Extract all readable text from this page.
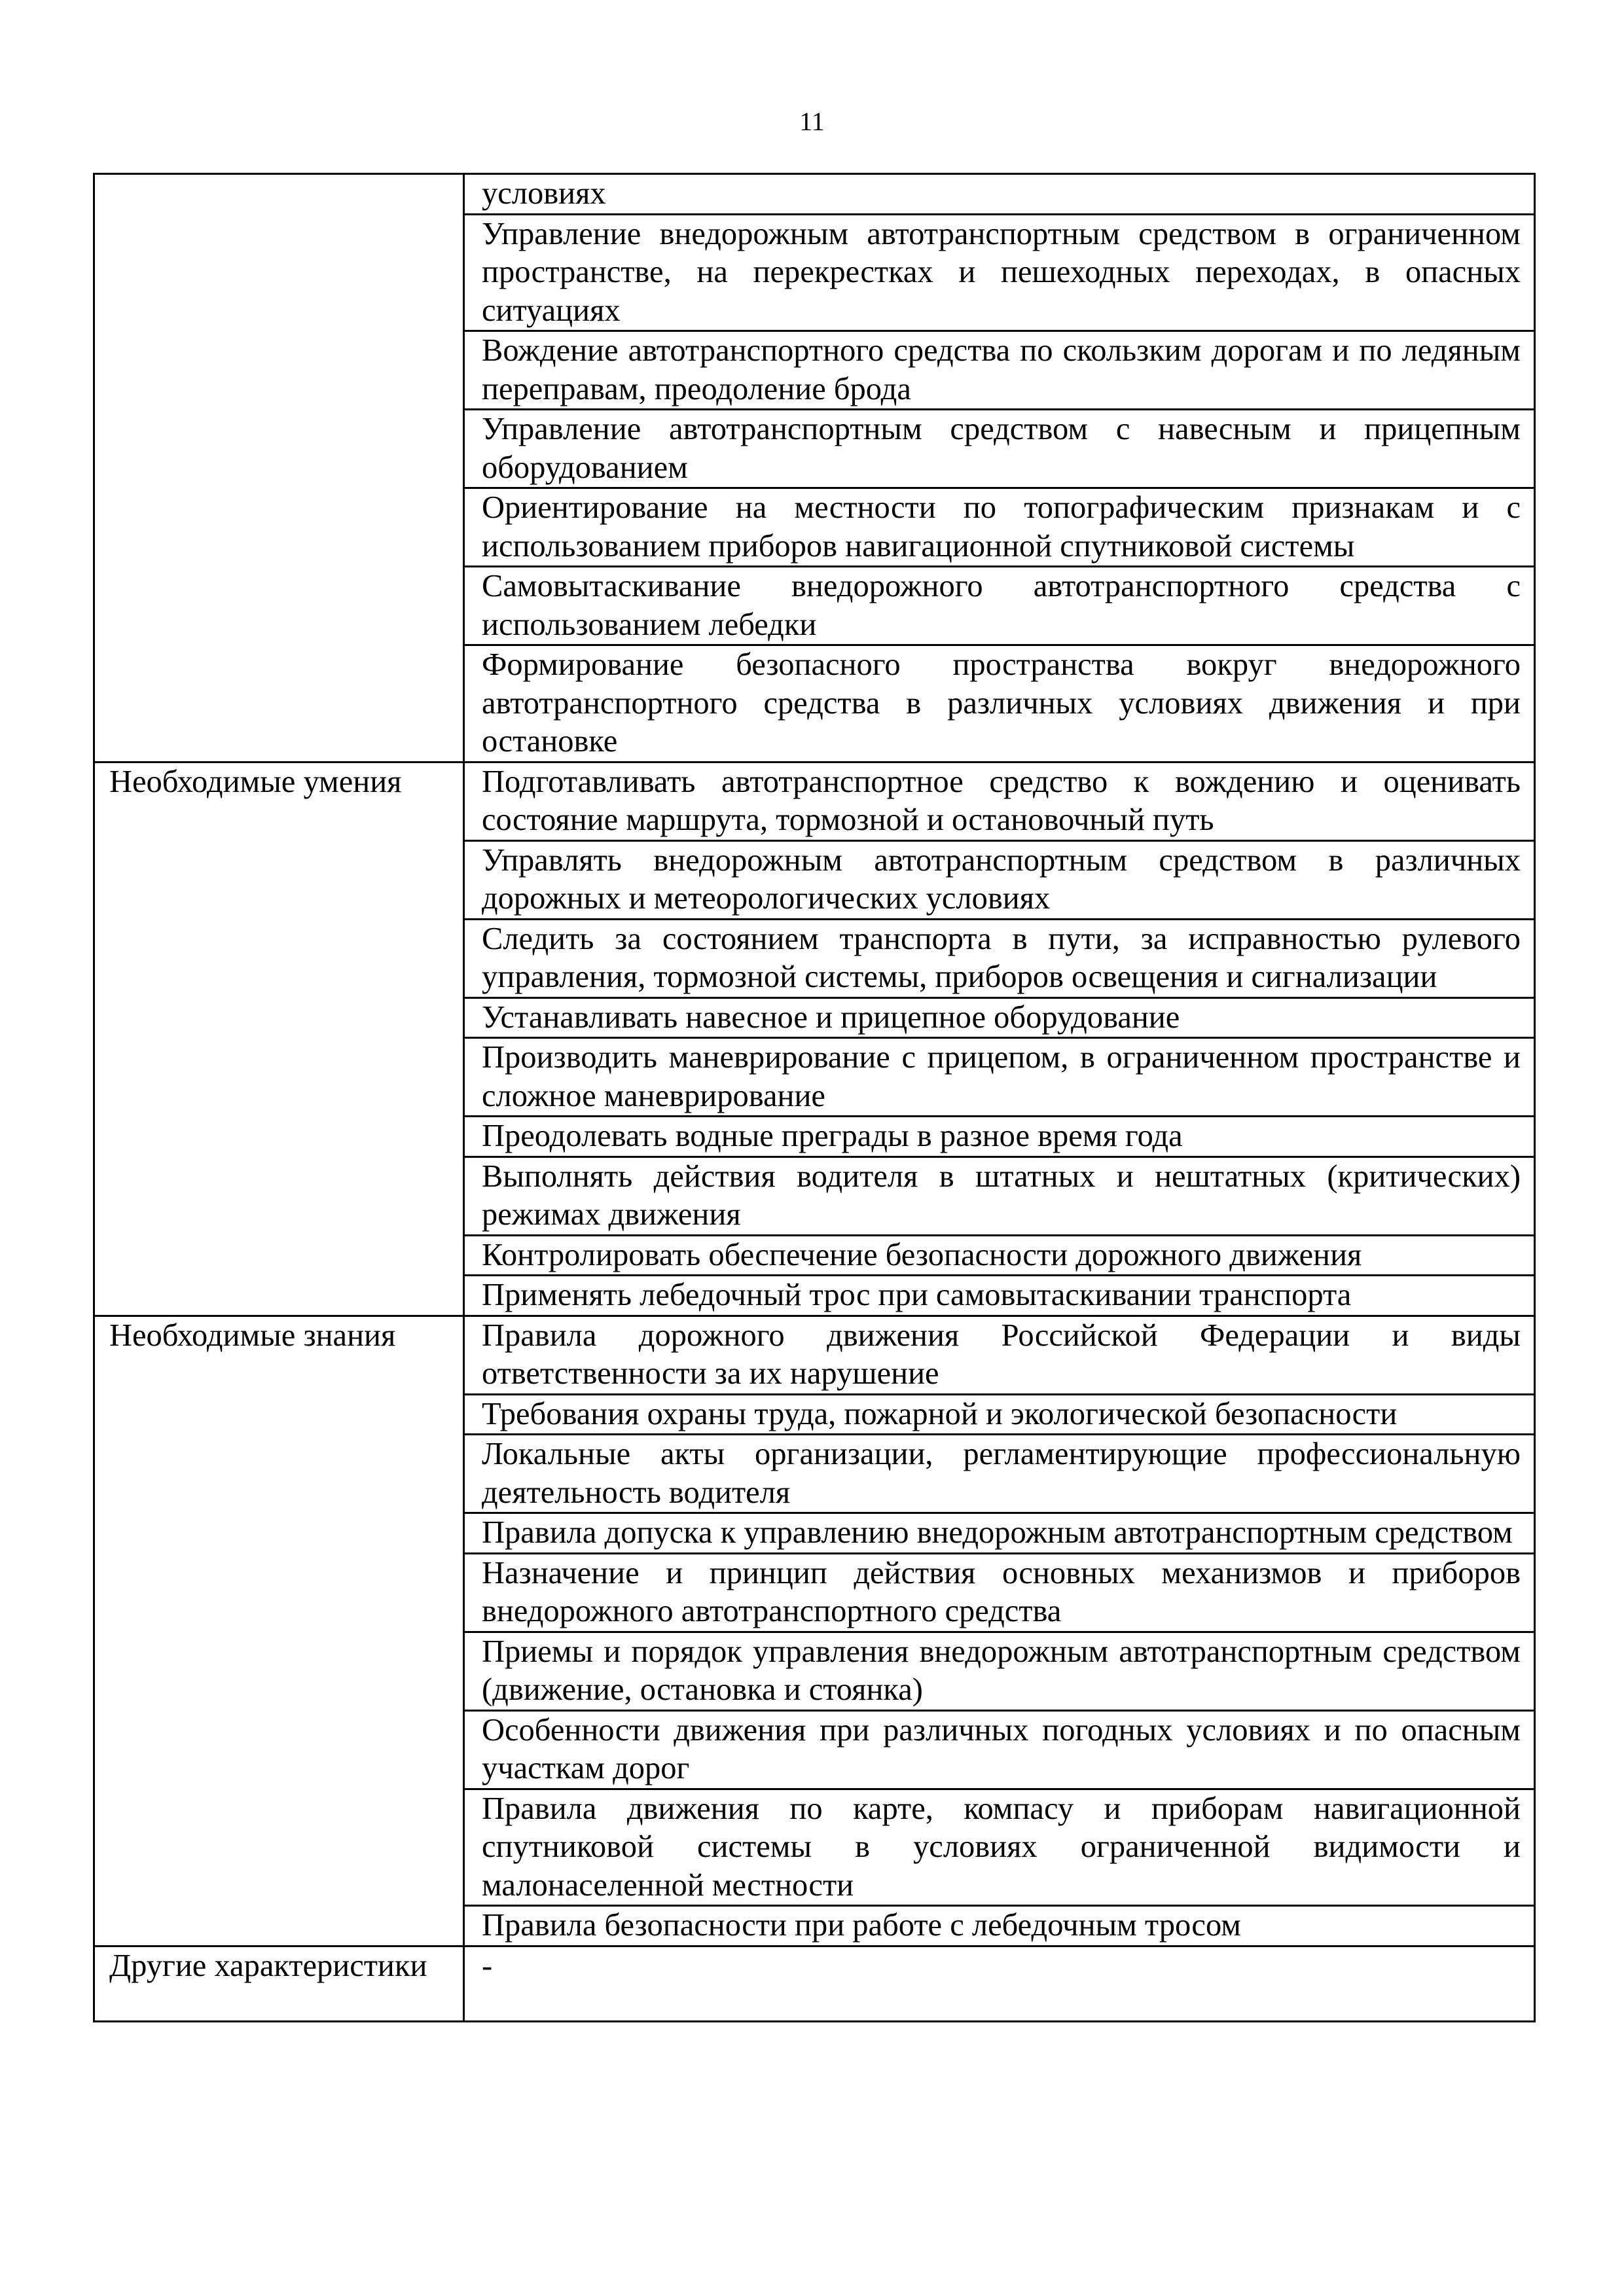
11
	условиях
	Управление внедорожным автотранспортным средством в ограниченном пространстве, на перекрестках и пешеходных переходах, в опасных ситуациях
	Вождение автотранспортного средства по скользким дорогам и по ледяным переправам, преодоление брода
	Управление автотранспортным средством с навесным и прицепным оборудованием
	Ориентирование на местности по топографическим признакам и с использованием приборов навигационной спутниковой системы
	Самовытаскивание внедорожного автотранспортного средства с использованием лебедки
	Формирование безопасного пространства вокруг внедорожного автотранспортного средства в различных условиях движения и при остановке
Необходимые умения	Подготавливать автотранспортное средство к вождению и оценивать состояние маршрута, тормозной и остановочный путь
	Управлять внедорожным автотранспортным средством в различных дорожных и метеорологических условиях
	Следить за состоянием транспорта в пути, за исправностью рулевого управления, тормозной системы, приборов освещения и сигнализации
	Устанавливать навесное и прицепное оборудование
	Производить маневрирование с прицепом, в ограниченном пространстве и сложное маневрирование
	Преодолевать водные преграды в разное время года
	Выполнять действия водителя в штатных и нештатных (критических) режимах движения
	Контролировать обеспечение безопасности дорожного движения
	Применять лебедочный трос при самовытаскивании транспорта
Необходимые знания	Правила дорожного движения Российской Федерации и виды ответственности за их нарушение
	Требования охраны труда, пожарной и экологической безопасности
	Локальные акты организации, регламентирующие профессиональную деятельность водителя
	Правила допуска к управлению внедорожным автотранспортным средством
	Назначение и принцип действия основных механизмов и приборов внедорожного автотранспортного средства
	Приемы и порядок управления внедорожным автотранспортным средством (движение, остановка и стоянка)
	Особенности движения при различных погодных условиях и по опасным участкам дорог
	Правила движения по карте, компасу и приборам навигационной спутниковой системы в условиях ограниченной видимости и малонаселенной местности
	Правила безопасности при работе с лебедочным тросом
Другие характеристики	-
